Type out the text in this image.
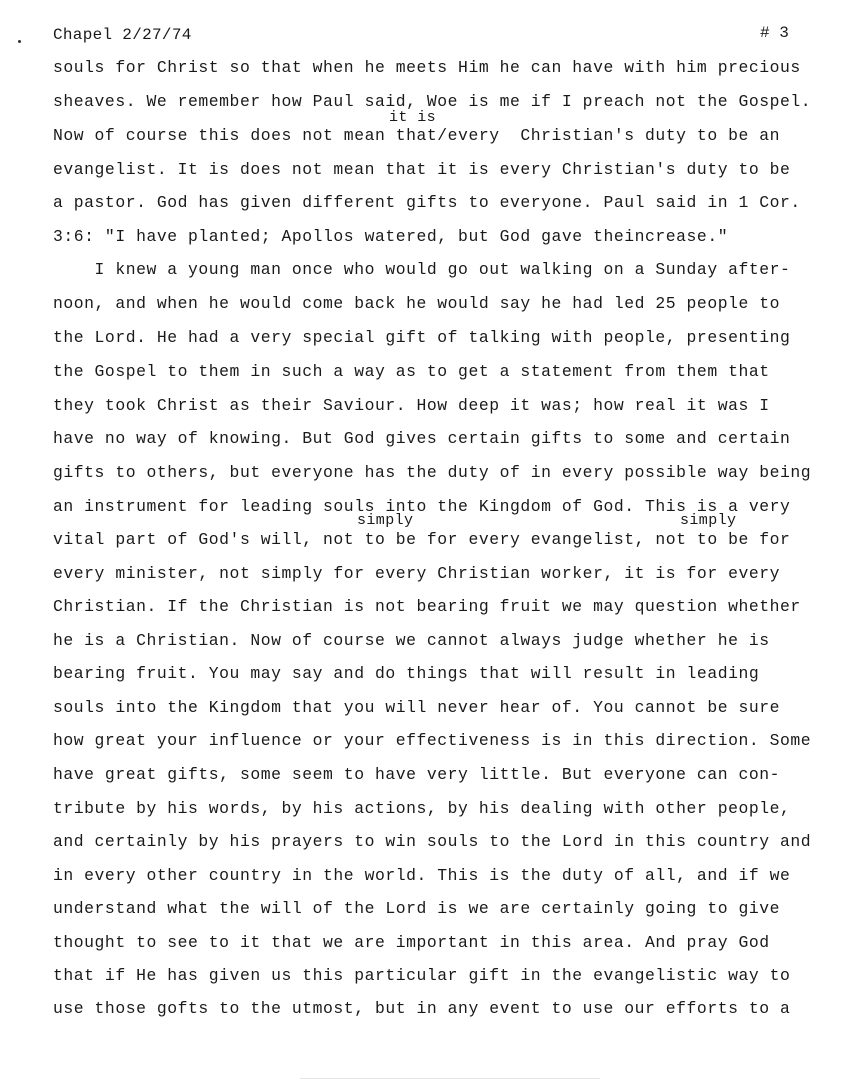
Chapel 2/27/74	# 3
it is
simply	simply
souls for Christ so that when he meets Him he can have with him precious
sheaves. We remember how Paul said, Woe is me if I preach not the Gospel.
Now of course this does not mean that/every  Christian's duty to be an
evangelist. It is does not mean that it is every Christian's duty to be
a pastor. God has given different gifts to everyone. Paul said in 1 Cor.
3:6: "I have planted; Apollos watered, but God gave theincrease."
I knew a young man once who would go out walking on a Sunday after-
noon, and when he would come back he would say he had led 25 people to
the Lord. He had a very special gift of talking with people, presenting
the Gospel to them in such a way as to get a statement from them that
they took Christ as their Saviour. How deep it was; how real it was I
have no way of knowing. But God gives certain gifts to some and certain
gifts to others, but everyone has the duty of in every possible way being
an instrument for leading souls into the Kingdom of God. This is a very
vital part of God's will, not to be for every evangelist, not to be for
every minister, not simply for every Christian worker, it is for every
Christian. If the Christian is not bearing fruit we may question whether
he is a Christian. Now of course we cannot always judge whether he is
bearing fruit. You may say and do things that will result in leading
souls into the Kingdom that you will never hear of. You cannot be sure
how great your influence or your effectiveness is in this direction. Some
have great gifts, some seem to have very little. But everyone can con-
tribute by his words, by his actions, by his dealing with other people,
and certainly by his prayers to win souls to the Lord in this country and
in every other country in the world. This is the duty of all, and if we
understand what the will of the Lord is we are certainly going to give
thought to see to it that we are important in this area. And pray God
that if He has given us this particular gift in the evangelistic way to
use those gofts to the utmost, but in any event to use our efforts to a
